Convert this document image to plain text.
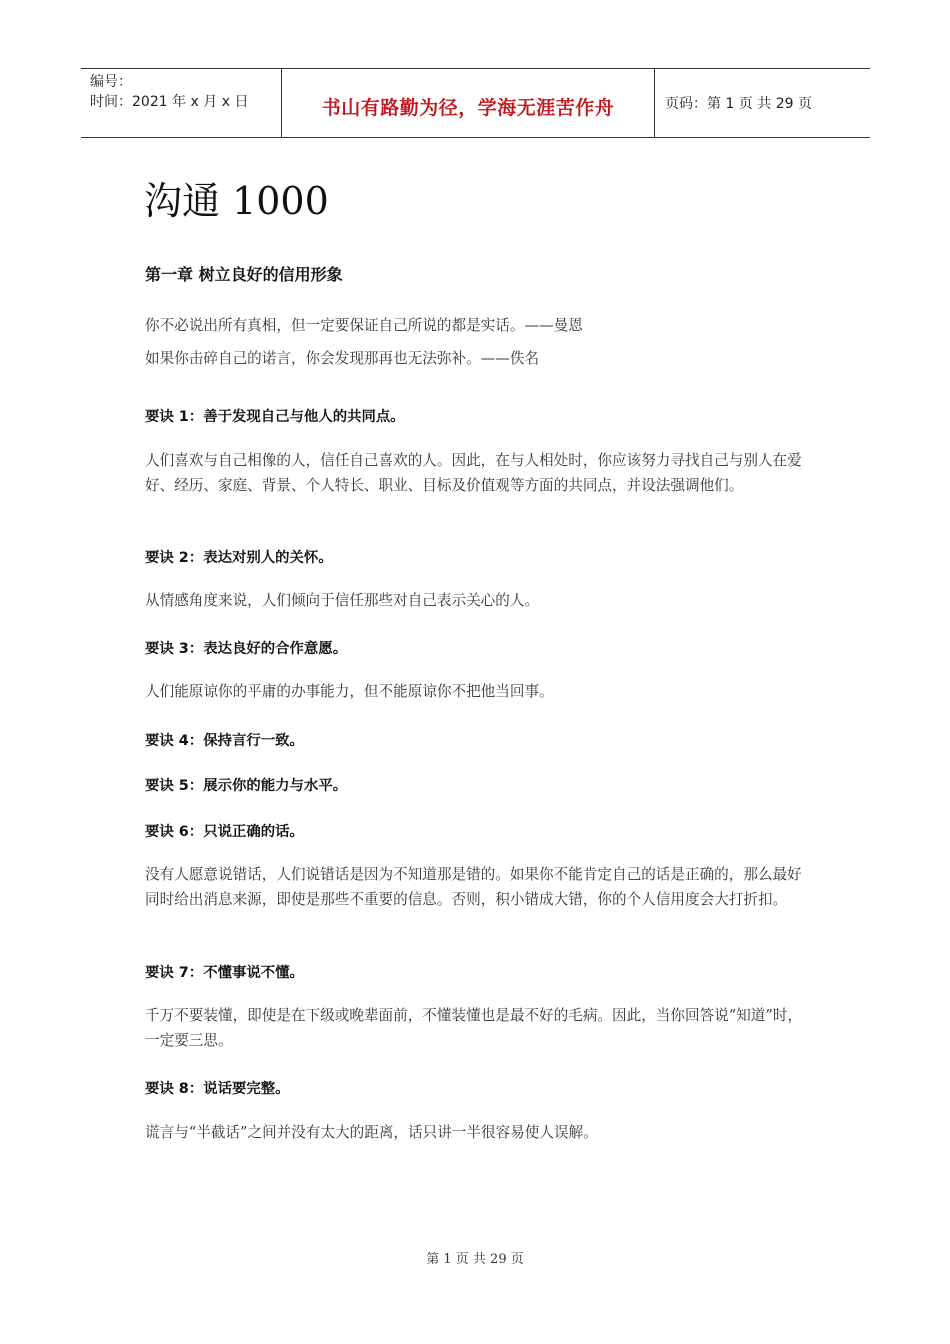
编号：
时间：2021 年 x 月 x 日	书山有路勤为径，学海无涯苦作舟	页码：第 1 页 共 29 页
沟通 1000
第一章 树立良好的信用形象

你不必说出所有真相，但一定要保证自己所说的都是实话。——曼恩

如果你击碎自己的诺言，你会发现那再也无法弥补。——佚名

要诀 1：善于发现自己与他人的共同点。

人们喜欢与自己相像的人，信任自己喜欢的人。因此，在与人相处时，你应该努力寻找自己与别人在爱好、经历、家庭、背景、个人特长、职业、目标及价值观等方面的共同点，并设法强调他们。

要诀 2：表达对别人的关怀。

从情感角度来说，人们倾向于信任那些对自己表示关心的人。

要诀 3：表达良好的合作意愿。

人们能原谅你的平庸的办事能力，但不能原谅你不把他当回事。

要诀 4：保持言行一致。
要诀 5：展示你的能力与水平。
要诀 6：只说正确的话。

没有人愿意说错话，人们说错话是因为不知道那是错的。如果你不能肯定自己的话是正确的，那么最好同时给出消息来源，即使是那些不重要的信息。否则，积小错成大错，你的个人信用度会大打折扣。

要诀 7：不懂事说不懂。

千万不要装懂，即使是在下级或晚辈面前，不懂装懂也是最不好的毛病。因此，当你回答说“知道”时，一定要三思。

要诀 8：说话要完整。

谎言与“半截话”之间并没有太大的距离，话只讲一半很容易使人误解。

第 1 页 共 29 页
